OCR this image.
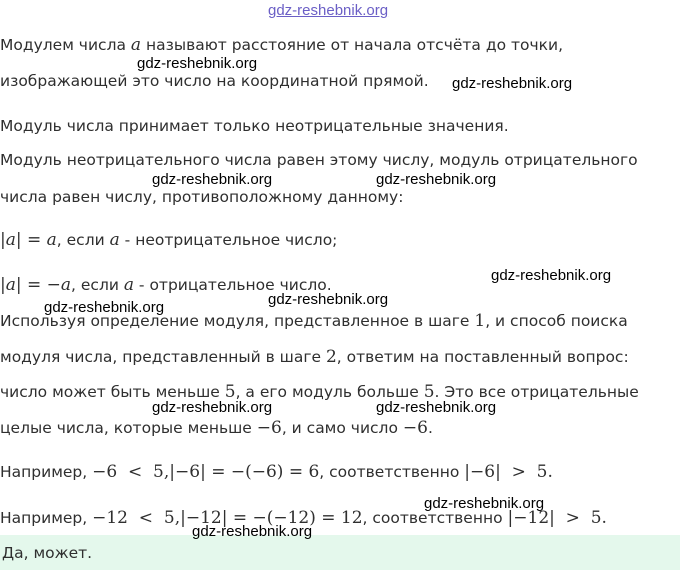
gdz-reshebnik.org
Модулем числа a называют расстояние от начала отсчёта до точки,
изображающей это число на координатной прямой.
Модуль числа принимает только неотрицательные значения.
Модуль неотрицательного числа равен этому числу, модуль отрицательного
числа равен числу, противоположному данному:
|a| = a, если a - неотрицательное число;
|a| = −a, если a - отрицательное число.
Используя определение модуля, представленное в шаге 1, и способ поиска
модуля числа, представленный в шаге 2, ответим на поставленный вопрос:
число может быть меньше 5, а его модуль больше 5. Это все отрицательные
целые числа, которые меньше −6, и само число −6.
Например, −6  <  5,|−6| = −(−6) = 6, соответственно |−6|  >  5.
Например, −12  <  5,|−12| = −(−12) = 12, соответственно |−12|  >  5.
Да, может.
gdz-reshebnik.org
gdz-reshebnik.org
gdz-reshebnik.org	gdz-reshebnik.org
gdz-reshebnik.org
gdz-reshebnik.org
gdz-reshebnik.org
gdz-reshebnik.org	gdz-reshebnik.org
gdz-reshebnik.org
gdz-reshebnik.org
